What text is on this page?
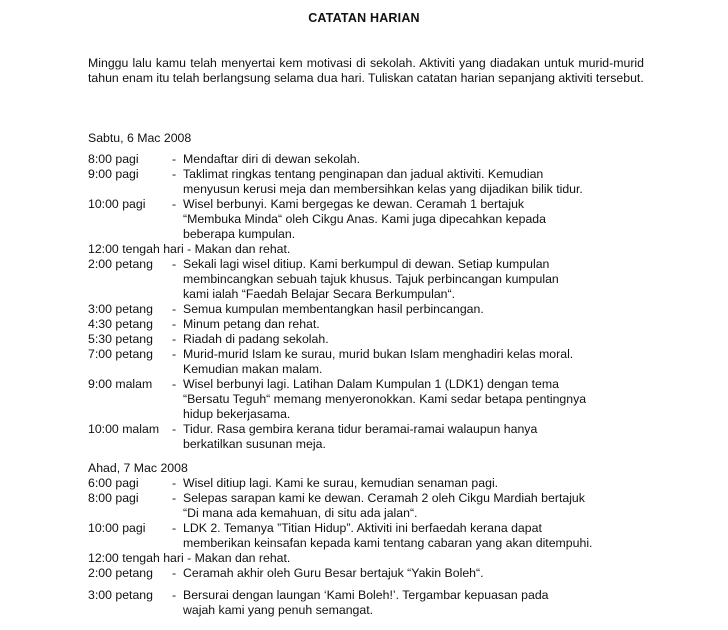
CATATAN HARIAN
Minggu lalu kamu telah menyertai kem motivasi di sekolah. Aktiviti yang diadakan untuk murid-murid tahun enam itu telah berlangsung selama dua hari. Tuliskan catatan harian sepanjang aktiviti tersebut.
Sabtu, 6 Mac 2008
8:00 pagi	- Mendaftar diri di dewan sekolah.
9:00 pagi	- Taklimat ringkas tentang penginapan dan jadual aktiviti. Kemudian
menyusun kerusi meja dan membersihkan kelas yang dijadikan bilik tidur.
10:00 pagi - Wisel berbunyi. Kami bergegas ke dewan. Ceramah 1 bertajuk
“Membuka Minda“ oleh Cikgu Anas. Kami juga dipecahkan kepada
beberapa kumpulan.
12:00 tengah hari - Makan dan rehat.
2:00 petang - Sekali lagi wisel ditiup. Kami berkumpul di dewan. Setiap kumpulan
membincangkan sebuah tajuk khusus. Tajuk perbincangan kumpulan
kami ialah “Faedah Belajar Secara Berkumpulan“.
3:00 petang - Semua kumpulan membentangkan hasil perbincangan.
4:30 petang - Minum petang dan rehat.
5:30 petang - Riadah di padang sekolah.
7:00 petang - Murid-murid Islam ke surau, murid bukan Islam menghadiri kelas moral.
Kemudian makan malam.
9:00 malam - Wisel berbunyi lagi. Latihan Dalam Kumpulan 1 (LDK1) dengan tema
“Bersatu Teguh“ memang menyeronokkan. Kami sedar betapa pentingnya
hidup bekerjasama.
10:00 malam - Tidur. Rasa gembira kerana tidur beramai-ramai walaupun hanya
berkatilkan susunan meja.
Ahad, 7 Mac 2008
6:00 pagi	- Wisel ditiup lagi. Kami ke surau, kemudian senaman pagi.
8:00 pagi	- Selepas sarapan kami ke dewan. Ceramah 2 oleh Cikgu Mardiah bertajuk
“Di mana ada kemahuan, di situ ada jalan“.
10:00 pagi - LDK 2. Temanya ”Titian Hidup”. Aktiviti ini berfaedah kerana dapat
memberikan keinsafan kepada kami tentang cabaran yang akan ditempuhi.
12:00 tengah hari - Makan dan rehat.
2:00 petang - Ceramah akhir oleh Guru Besar bertajuk “Yakin Boleh“.
3:00 petang - Bersurai dengan laungan ‘Kami Boleh!’. Tergambar kepuasan pada
wajah kami yang penuh semangat.
